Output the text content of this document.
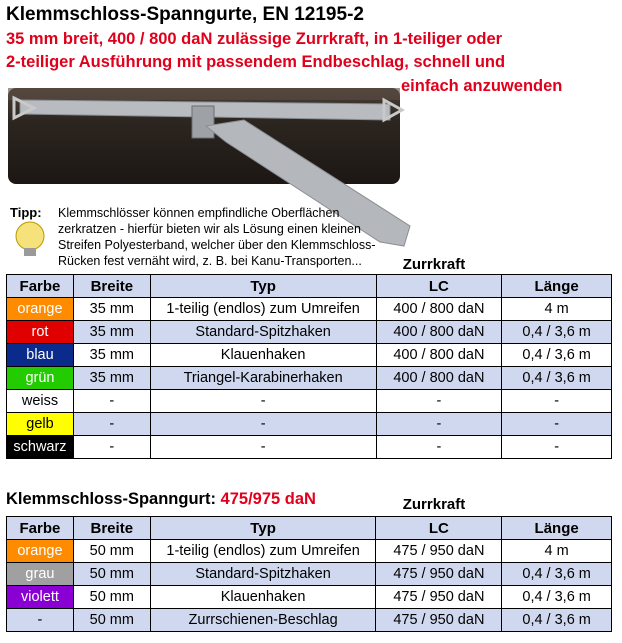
Klemmschloss-Spanngurte, EN 12195-2
35 mm breit, 400 / 800 daN zulässige Zurrkraft, in 1-teiliger oder
2-teiliger Ausführung mit passendem Endbeschlag, schnell und
einfach anzuwenden
Tipp: Klemmschlösser können empfindliche Oberflächen
zerkratzen - hierfür bieten wir als Lösung einen kleinen
Streifen Polyesterband, welcher über den Klemmschloss-
Rücken fest vernäht wird, z. B. bei Kanu-Transporten...	Zurrkraft
Farbe	Breite	Typ	LC	Länge
orange	35 mm	1-teilig (endlos) zum Umreifen	400 / 800 daN	4 m
rot	35 mm	Standard-Spitzhaken	400 / 800 daN	0,4 / 3,6 m
blau	35 mm	Klauenhaken	400 / 800 daN	0,4 / 3,6 m
grün	35 mm	Triangel-Karabinerhaken	400 / 800 daN	0,4 / 3,6 m
weiss	-	-	-	-
gelb	-	-	-	-
schwarz	-	-	-	-
Klemmschloss-Spanngurt: 475/975 daN	Zurrkraft
Farbe	Breite	Typ	LC	Länge
orange	50 mm	1-teilig (endlos) zum Umreifen	475 / 950 daN	4 m
grau	50 mm	Standard-Spitzhaken	475 / 950 daN	0,4 / 3,6 m
violett	50 mm	Klauenhaken	475 / 950 daN	0,4 / 3,6 m
-	50 mm	Zurrschienen-Beschlag	475 / 950 daN	0,4 / 3,6 m
